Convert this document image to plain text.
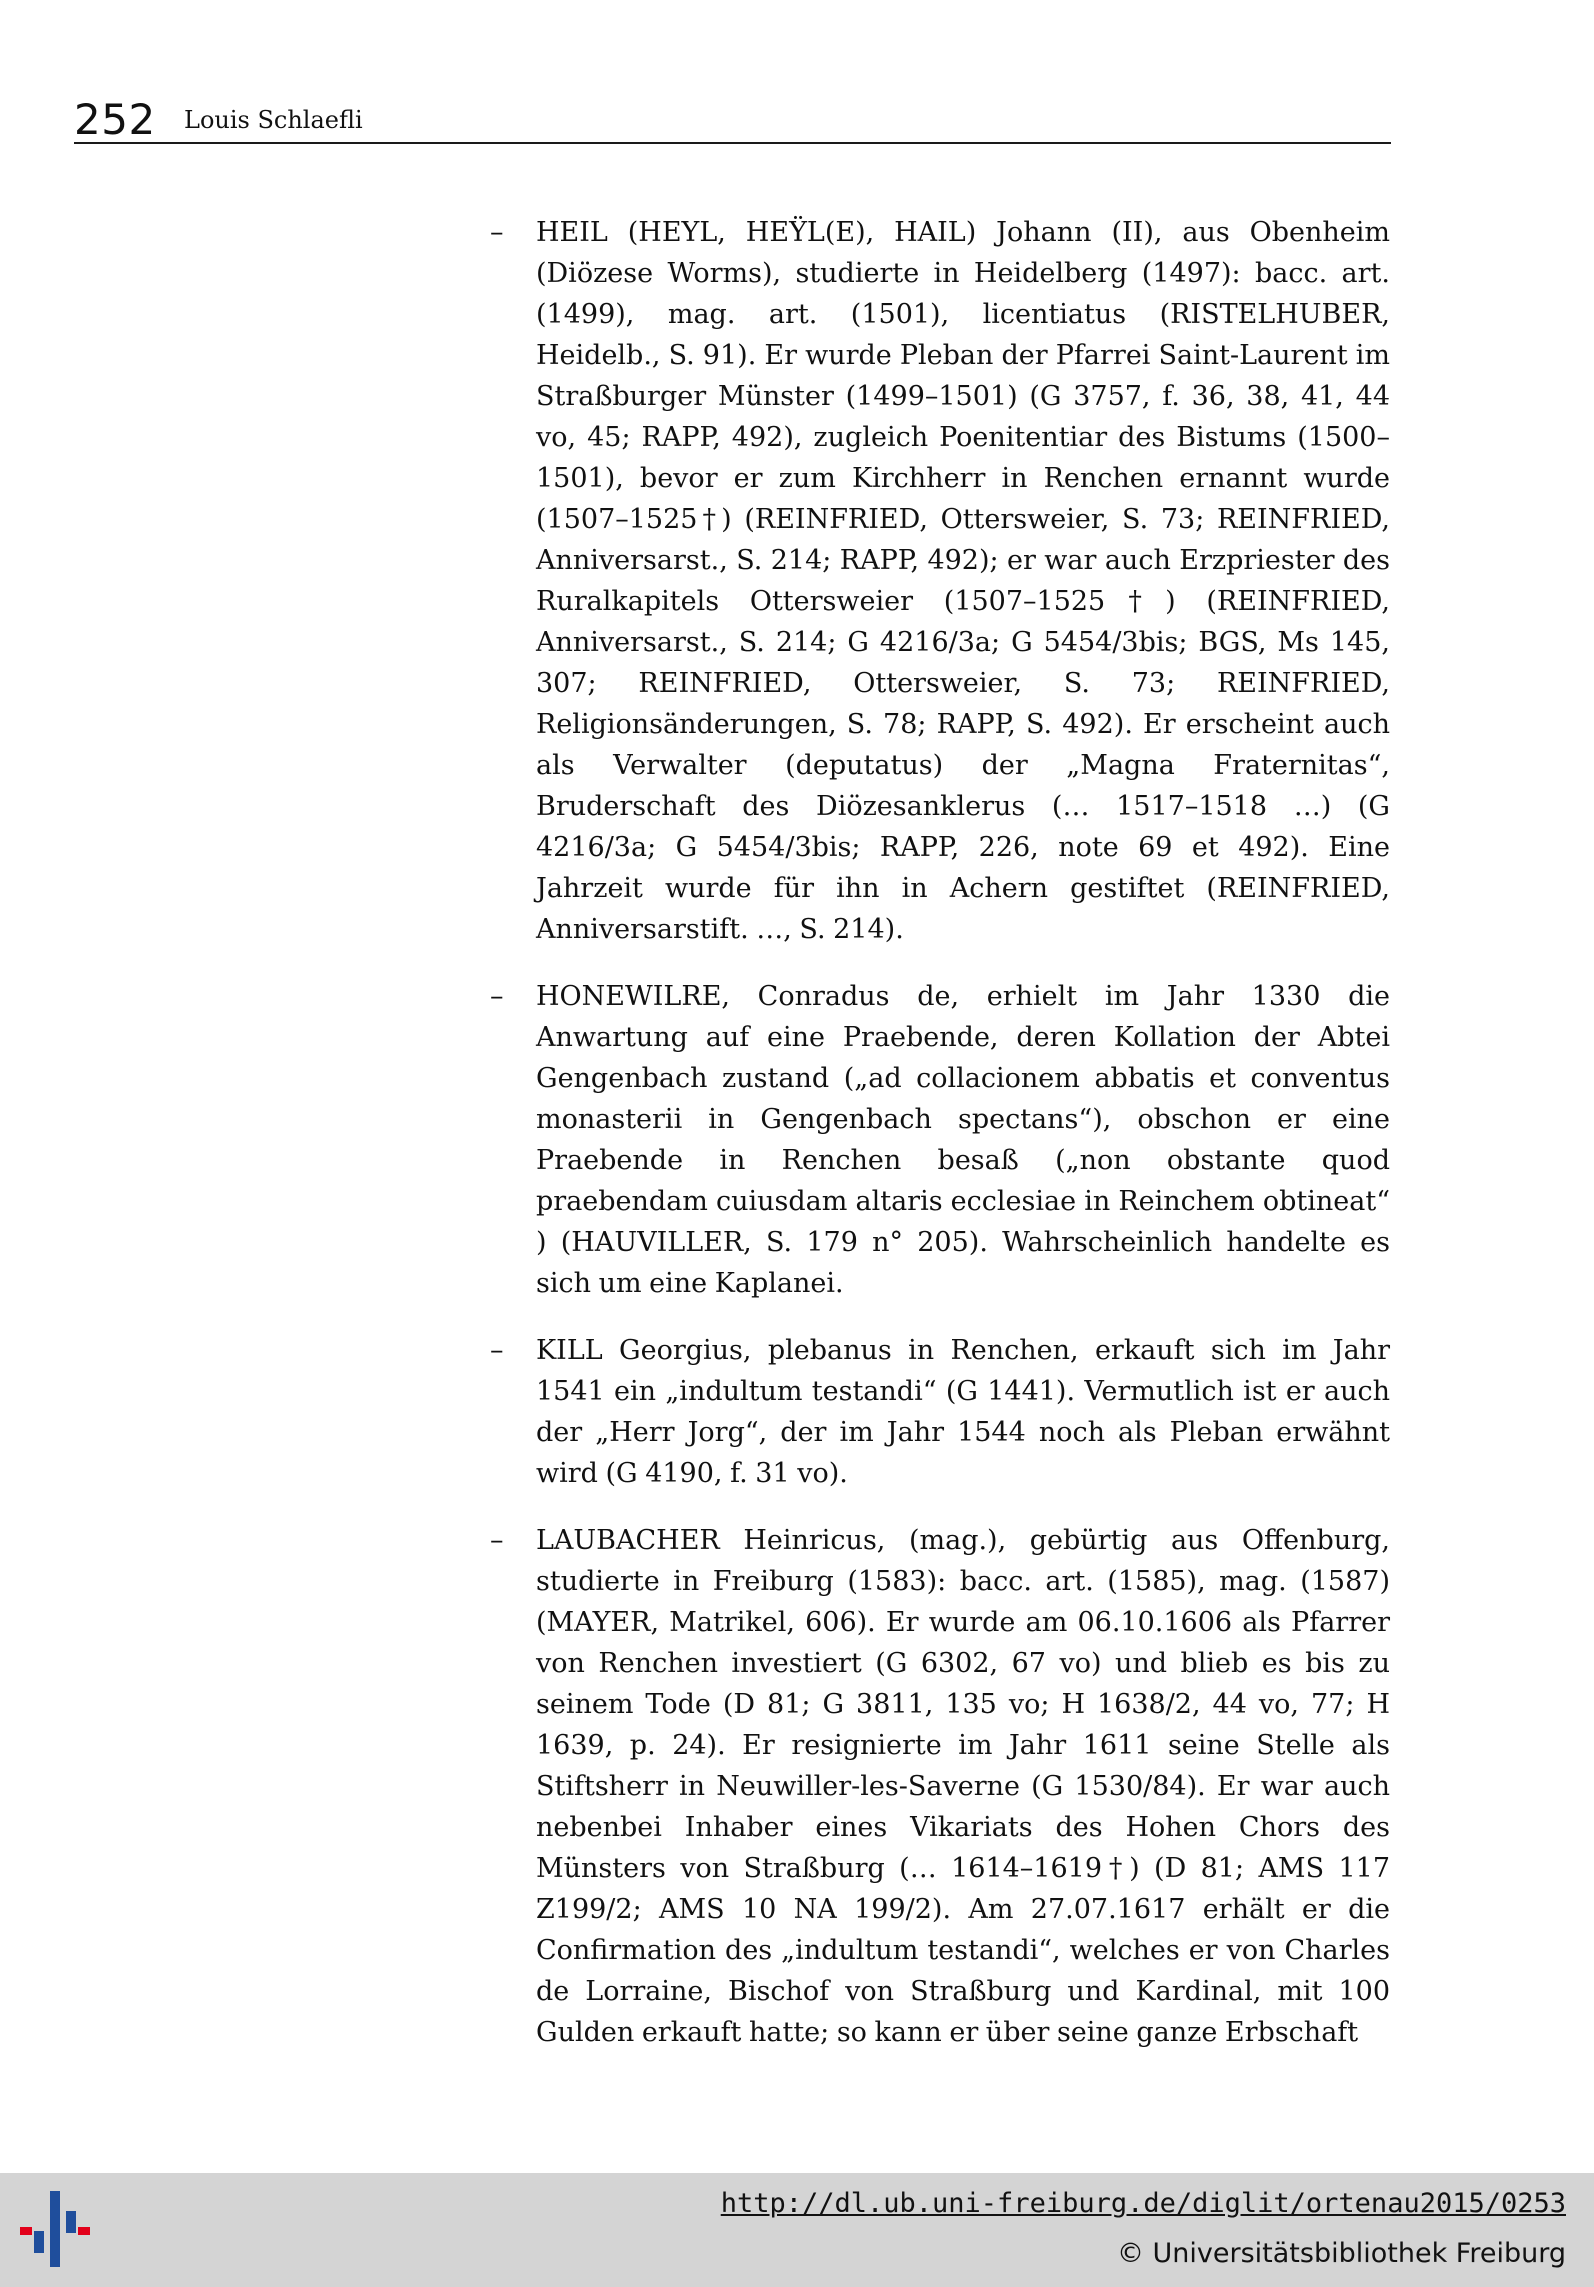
252 Louis Schlaefli
– HEIL (HEYL, HEŸL(E), HAIL) Johann (II), aus Obenheim (Diözese Worms), studierte in Heidelberg (1497): bacc. art. (1499), mag. art. (1501), licentiatus (RISTELHUBER, Heidelb., S. 91). Er wurde Pleban der Pfarrei Saint-Laurent im Straßburger Münster (1499–1501) (G 3757, f. 36, 38, 41, 44 vo, 45; RAPP, 492), zugleich Poenitentiar des Bistums (1500–1501), bevor er zum Kirchherr in Renchen ernannt wurde (1507–1525†) (REINFRIED, Ottersweier, S. 73; REINFRIED, Anniversarst., S. 214; RAPP, 492); er war auch Erzpriester des Ruralkapitels Ottersweier (1507–1525†) (REINFRIED, Anniversarst., S. 214; G 4216/3a; G 5454/3bis; BGS, Ms 145, 307; REINFRIED, Ottersweier, S. 73; REINFRIED, Religionsänderungen, S. 78; RAPP, S. 492). Er erscheint auch als Verwalter (deputatus) der „Magna Fraternitas“, Bruderschaft des Diözesanklerus (… 1517–1518 …) (G 4216/3a; G 5454/3bis; RAPP, 226, note 69 et 492). Eine Jahrzeit wurde für ihn in Achern gestiftet (REINFRIED, Anniversarstift. …, S. 214).

– HONEWILRE, Conradus de, erhielt im Jahr 1330 die Anwartung auf eine Praebende, deren Kollation der Abtei Gengenbach zustand („ad collacionem abbatis et conventus monasterii in Gengenbach spectans“), obschon er eine Praebende in Renchen besaß („non obstante quod praebendam cuiusdam altaris ecclesiae in Reinchem obtineat“ ) (HAUVILLER, S. 179 n° 205). Wahrscheinlich handelte es sich um eine Kaplanei.

– KILL Georgius, plebanus in Renchen, erkauft sich im Jahr 1541 ein „indultum testandi“ (G 1441). Vermutlich ist er auch der „Herr Jorg“, der im Jahr 1544 noch als Pleban erwähnt wird (G 4190, f. 31 vo).

– LAUBACHER Heinricus, (mag.), gebürtig aus Offenburg, studierte in Freiburg (1583): bacc. art. (1585), mag. (1587) (MAYER, Matrikel, 606). Er wurde am 06.10.1606 als Pfarrer von Renchen investiert (G 6302, 67 vo) und blieb es bis zu seinem Tode (D 81; G 3811, 135 vo; H 1638/2, 44 vo, 77; H 1639, p. 24). Er resignierte im Jahr 1611 seine Stelle als Stiftsherr in Neuwiller-les-Saverne (G 1530/84). Er war auch nebenbei Inhaber eines Vikariats des Hohen Chors des Münsters von Straßburg (… 1614–1619†) (D 81; AMS 117 Z199/2; AMS 10 NA 199/2). Am 27.07.1617 erhält er die Confirmation des „indultum testandi“, welches er von Charles de Lorraine, Bischof von Straßburg und Kardinal, mit 100 Gulden erkauft hatte; so kann er über seine ganze Erbschaft

http://dl.ub.uni-freiburg.de/diglit/ortenau2015/0253
© Universitätsbibliothek Freiburg
